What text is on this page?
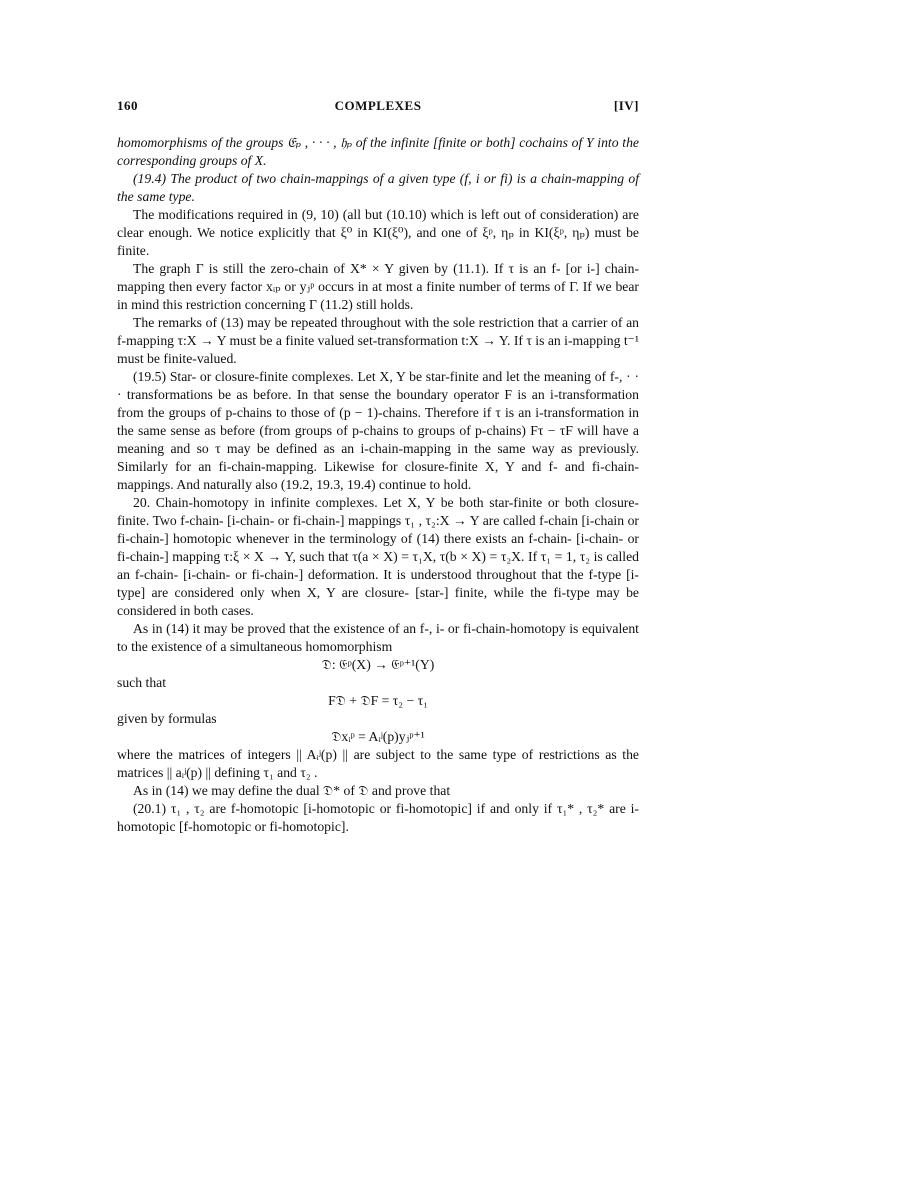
160	COMPLEXES	[IV]

homomorphisms of the groups 𝔈ₚ , · · · , 𝔥ₚ of the infinite [finite or both] cochains of Y into the corresponding groups of X.

(19.4) The product of two chain-mappings of a given type (f, i or fi) is a chain-mapping of the same type.

The modifications required in (9, 10) (all but (10.10) which is left out of consideration) are clear enough. We notice explicitly that ξ⁰ in KI(ξ⁰), and one of ξᵖ, ηₚ in KI(ξᵖ, ηₚ) must be finite.

The graph Γ is still the zero-chain of X* × Y given by (11.1). If τ is an f- [or i-] chain-mapping then every factor xᵢₚ or yⱼᵖ occurs in at most a finite number of terms of Γ. If we bear in mind this restriction concerning Γ (11.2) still holds.

The remarks of (13) may be repeated throughout with the sole restriction that a carrier of an f-mapping τ:X → Y must be a finite valued set-transformation t:X → Y. If τ is an i-mapping t⁻¹ must be finite-valued.

(19.5) Star- or closure-finite complexes. Let X, Y be star-finite and let the meaning of f-, · · · transformations be as before. In that sense the boundary operator F is an i-transformation from the groups of p-chains to those of (p − 1)-chains. Therefore if τ is an i-transformation in the same sense as before (from groups of p-chains to groups of p-chains) Fτ − τF will have a meaning and so τ may be defined as an i-chain-mapping in the same way as previously. Similarly for an fi-chain-mapping. Likewise for closure-finite X, Y and f- and fi-chain-mappings. And naturally also (19.2, 19.3, 19.4) continue to hold.

20. Chain-homotopy in infinite complexes. Let X, Y be both star-finite or both closure-finite. Two f-chain- [i-chain- or fi-chain-] mappings τ₁ , τ₂:X → Y are called f-chain [i-chain or fi-chain-] homotopic whenever in the terminology of (14) there exists an f-chain- [i-chain- or fi-chain-] mapping τ:ξ × X → Y, such that τ(a × X) = τ₁X, τ(b × X) = τ₂X. If τ₁ = 1, τ₂ is called an f-chain- [i-chain- or fi-chain-] deformation. It is understood throughout that the f-type [i-type] are considered only when X, Y are closure- [star-] finite, while the fi-type may be considered in both cases.

As in (14) it may be proved that the existence of an f-, i- or fi-chain-homotopy is equivalent to the existence of a simultaneous homomorphism

𝔇: 𝔈ᵖ(X) → 𝔈ᵖ⁺¹(Y)

such that

F𝔇 + 𝔇F = τ₂ − τ₁

given by formulas

𝔇xᵢᵖ = Aᵢʲ(p)yⱼᵖ⁺¹

where the matrices of integers || Aᵢʲ(p) || are subject to the same type of restrictions as the matrices || aᵢʲ(p) || defining τ₁ and τ₂ .

As in (14) we may define the dual 𝔇* of 𝔇 and prove that

(20.1) τ₁ , τ₂ are f-homotopic [i-homotopic or fi-homotopic] if and only if τ₁* , τ₂* are i-homotopic [f-homotopic or fi-homotopic].
